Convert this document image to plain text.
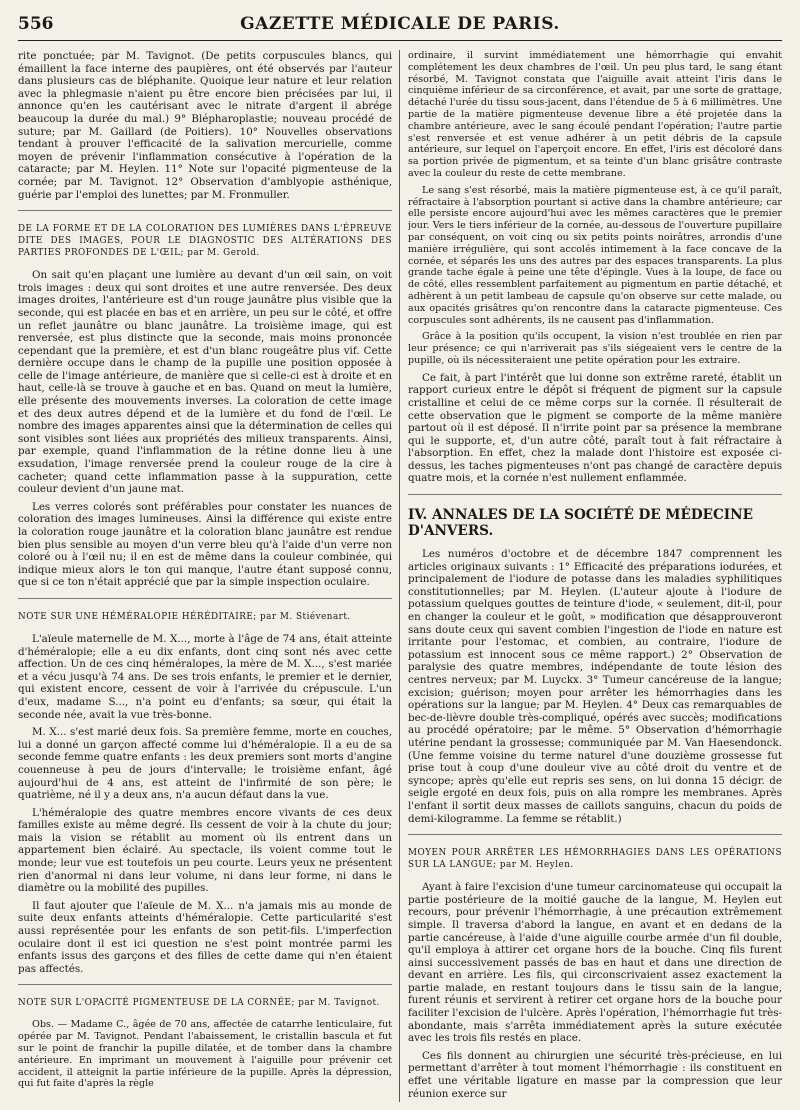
556	GAZETTE MÉDICALE DE PARIS.

rite ponctuée; par M. Tavignot. (De petits corpuscules blancs, qui émaillent la face interne des paupières, ont été observés par l'auteur dans plusieurs cas de bléphanite. Quoique leur nature et leur relation avec la phlegmasie n'aient pu être encore bien précisées par lui, il annonce qu'en les cautérisant avec le nitrate d'argent il abrége beaucoup la durée du mal.) 9° Blépharoplastie; nouveau procédé de suture; par M. Gaillard (de Poitiers). 10° Nouvelles observations tendant à prouver l'efficacité de la salivation mercurielle, comme moyen de prévenir l'inflammation consécutive à l'opération de la cataracte; par M. Heylen. 11° Note sur l'opacité pigmenteuse de la cornée; par M. Tavignot. 12° Observation d'amblyopie asthénique, guérie par l'emploi des lunettes; par M. Fronmuller.

DE LA FORME ET DE LA COLORATION DES LUMIÈRES DANS L'ÉPREUVE DITE DES IMAGES, POUR LE DIAGNOSTIC DES ALTÉRATIONS DES PARTIES PROFONDES DE L'ŒIL; par M. Gerold.

On sait qu'en plaçant une lumière au devant d'un œil sain, on voit trois images : deux qui sont droites et une autre renversée. Des deux images droites, l'antérieure est d'un rouge jaunâtre plus visible que la seconde, qui est placée en bas et en arrière, un peu sur le côté, et offre un reflet jaunâtre ou blanc jaunâtre. La troisième image, qui est renversée, est plus distincte que la seconde, mais moins prononcée cependant que la première, et est d'un blanc rougeâtre plus vif. Cette dernière occupe dans le champ de la pupille une position opposée à celle de l'image antérieure, de manière que si celle-ci est à droite et en haut, celle-là se trouve à gauche et en bas. Quand on meut la lumière, elle présente des mouvements inverses. La coloration de cette image et des deux autres dépend et de la lumière et du fond de l'œil. Le nombre des images apparentes ainsi que la détermination de celles qui sont visibles sont liées aux propriétés des milieux transparents. Ainsi, par exemple, quand l'inflammation de la rétine donne lieu à une exsudation, l'image renversée prend la couleur rouge de la cire à cacheter; quand cette inflammation passe à la suppuration, cette couleur devient d'un jaune mat.

Les verres colorés sont préférables pour constater les nuances de coloration des images lumineuses. Ainsi la différence qui existe entre la coloration rouge jaunâtre et la coloration blanc jaunâtre est rendue bien plus sensible au moyen d'un verre bleu qu'à l'aide d'un verre non coloré ou à l'œil nu; il en est de même dans la couleur combinée, qui indique mieux alors le ton qui manque, l'autre étant supposé connu, que si ce ton n'était apprécié que par la simple inspection oculaire.

NOTE SUR UNE HÉMÉRALOPIE HÉRÉDITAIRE; par M. Stiévenart.

L'aïeule maternelle de M. X..., morte à l'âge de 74 ans, était atteinte d'héméralopie; elle a eu dix enfants, dont cinq sont nés avec cette affection. Un de ces cinq héméralopes, la mère de M. X..., s'est mariée et a vécu jusqu'à 74 ans. De ses trois enfants, le premier et le dernier, qui existent encore, cessent de voir à l'arrivée du crépuscule. L'un d'eux, madame S..., n'a point eu d'enfants; sa sœur, qui était la seconde née, avait la vue très-bonne.

M. X... s'est marié deux fois. Sa première femme, morte en couches, lui a donné un garçon affecté comme lui d'héméralopie. Il a eu de sa seconde femme quatre enfants : les deux premiers sont morts d'angine couenneuse à peu de jours d'intervalle; le troisième enfant, âgé aujourd'hui de 4 ans, est atteint de l'infirmité de son père; le quatrième, né il y a deux ans, n'a aucun défaut dans la vue.

L'héméralopie des quatre membres encore vivants de ces deux familles existe au même degré. Ils cessent de voir à la chute du jour; mais la vision se rétablit au moment où ils entrent dans un appartement bien éclairé. Au spectacle, ils voient comme tout le monde; leur vue est toutefois un peu courte. Leurs yeux ne présentent rien d'anormal ni dans leur volume, ni dans leur forme, ni dans le diamètre ou la mobilité des pupilles.

Il faut ajouter que l'aïeule de M. X... n'a jamais mis au monde de suite deux enfants atteints d'héméralopie. Cette particularité s'est aussi représentée pour les enfants de son petit-fils. L'imperfection oculaire dont il est ici question ne s'est point montrée parmi les enfants issus des garçons et des filles de cette dame qui n'en étaient pas affectés.

NOTE SUR L'OPACITÉ PIGMENTEUSE DE LA CORNÉE; par M. Tavignot.

Obs. — Madame C., âgée de 70 ans, affectée de catarrhe lenticulaire, fut opérée par M. Tavignot. Pendant l'abaissement, le cristallin bascula et fut sur le point de franchir la pupille dilatée, et de tomber dans la chambre antérieure. En imprimant un mouvement à l'aiguille pour prévenir cet accident, il atteignit la partie inférieure de la pupille. Après la dépression, qui fut faite d'après la règle

ordinaire, il survint immédiatement une hémorrhagie qui envahit complétement les deux chambres de l'œil. Un peu plus tard, le sang étant résorbé, M. Tavignot constata que l'aiguille avait atteint l'iris dans le cinquième inférieur de sa circonférence, et avait, par une sorte de grattage, détaché l'urée du tissu sous-jacent, dans l'étendue de 5 à 6 millimètres. Une partie de la matière pigmenteuse devenue libre a été projetée dans la chambre antérieure, avec le sang écoulé pendant l'opération; l'autre partie s'est renversée et est venue adhérer à un petit débris de la capsule antérieure, sur lequel on l'aperçoit encore. En effet, l'iris est décoloré dans sa portion privée de pigmentum, et sa teinte d'un blanc grisâtre contraste avec la couleur du reste de cette membrane.

Le sang s'est résorbé, mais la matière pigmenteuse est, à ce qu'il paraît, réfractaire à l'absorption pourtant si active dans la chambre antérieure; car elle persiste encore aujourd'hui avec les mêmes caractères que le premier jour. Vers le tiers inférieur de la cornée, au-dessous de l'ouverture pupillaire par conséquent, on voit cinq ou six petits points noirâtres, arrondis d'une manière irrégulière, qui sont accolés intimement à la face concave de la cornée, et séparés les uns des autres par des espaces transparents. La plus grande tache égale à peine une tête d'épingle. Vues à la loupe, de face ou de côté, elles ressemblent parfaitement au pigmentum en partie détaché, et adhèrent à un petit lambeau de capsule qu'on observe sur cette malade, ou aux opacités grisâtres qu'on rencontre dans la cataracte pigmenteuse. Ces corpuscules sont adhérents, ils ne causent pas d'inflammation.

Grâce à la position qu'ils occupent, la vision n'est troublée en rien par leur présence; ce qui n'arriverait pas s'ils siégeaient vers le centre de la pupille, où ils nécessiteraient une petite opération pour les extraire.

Ce fait, à part l'intérêt que lui donne son extrême rareté, établit un rapport curieux entre le dépôt si fréquent de pigment sur la capsule cristalline et celui de ce même corps sur la cornée. Il résulterait de cette observation que le pigment se comporte de la même manière partout où il est déposé. Il n'irrite point par sa présence la membrane qui le supporte, et, d'un autre côté, paraît tout à fait réfractaire à l'absorption. En effet, chez la malade dont l'histoire est exposée ci-dessus, les taches pigmenteuses n'ont pas changé de caractère depuis quatre mois, et la cornée n'est nullement enflammée.

IV. ANNALES DE LA SOCIÉTÉ DE MÉDECINE D'ANVERS.

Les numéros d'octobre et de décembre 1847 comprennent les articles originaux suivants : 1° Efficacité des préparations iodurées, et principalement de l'iodure de potasse dans les maladies syphilitiques constitutionnelles; par M. Heylen. (L'auteur ajoute à l'iodure de potassium quelques gouttes de teinture d'iode, « seulement, dit-il, pour en changer la couleur et le goût, » modification que désapprouveront sans doute ceux qui savent combien l'ingestion de l'iode en nature est irritante pour l'estomac, et combien, au contraire, l'iodure de potassium est innocent sous ce même rapport.) 2° Observation de paralysie des quatre membres, indépendante de toute lésion des centres nerveux; par M. Luyckx. 3° Tumeur cancéreuse de la langue; excision; guérison; moyen pour arrêter les hémorrhagies dans les opérations sur la langue; par M. Heylen. 4° Deux cas remarquables de bec-de-lièvre double très-compliqué, opérés avec succès; modifications au procédé opératoire; par le même. 5° Observation d'hémorrhagie utérine pendant la grossesse; communiquée par M. Van Haesendonck. (Une femme voisine du terme naturel d'une douzième grossesse fut prise tout à coup d'une douleur vive au côté droit du ventre et de syncope; après qu'elle eut repris ses sens, on lui donna 15 décigr. de seigle ergoté en deux fois, puis on alla rompre les membranes. Après l'enfant il sortit deux masses de caillots sanguins, chacun du poids de demi-kilogramme. La femme se rétablit.)

MOYEN POUR ARRÊTER LES HÉMORRHAGIES DANS LES OPÉRATIONS SUR LA LANGUE; par M. Heylen.

Ayant à faire l'excision d'une tumeur carcinomateuse qui occupait la partie postérieure de la moitié gauche de la langue, M. Heylen eut recours, pour prévenir l'hémorrhagie, à une précaution extrêmement simple. Il traversa d'abord la langue, en avant et en dedans de la partie cancéreuse, à l'aide d'une aiguille courbe armée d'un fil double, qu'il employa à attirer cet organe hors de la bouche. Cinq fils furent ainsi successivement passés de bas en haut et dans une direction de devant en arrière. Les fils, qui circonscrivaient assez exactement la partie malade, en restant toujours dans le tissu sain de la langue, furent réunis et servirent à retirer cet organe hors de la bouche pour faciliter l'excision de l'ulcère. Après l'opération, l'hémorrhagie fut très-abondante, mais s'arrêta immédiatement après la suture exécutée avec les trois fils restés en place.

Ces fils donnent au chirurgien une sécurité très-précieuse, en lui permettant d'arrêter à tout moment l'hémorrhagie : ils constituent en effet une véritable ligature en masse par la compression que leur réunion exerce sur
